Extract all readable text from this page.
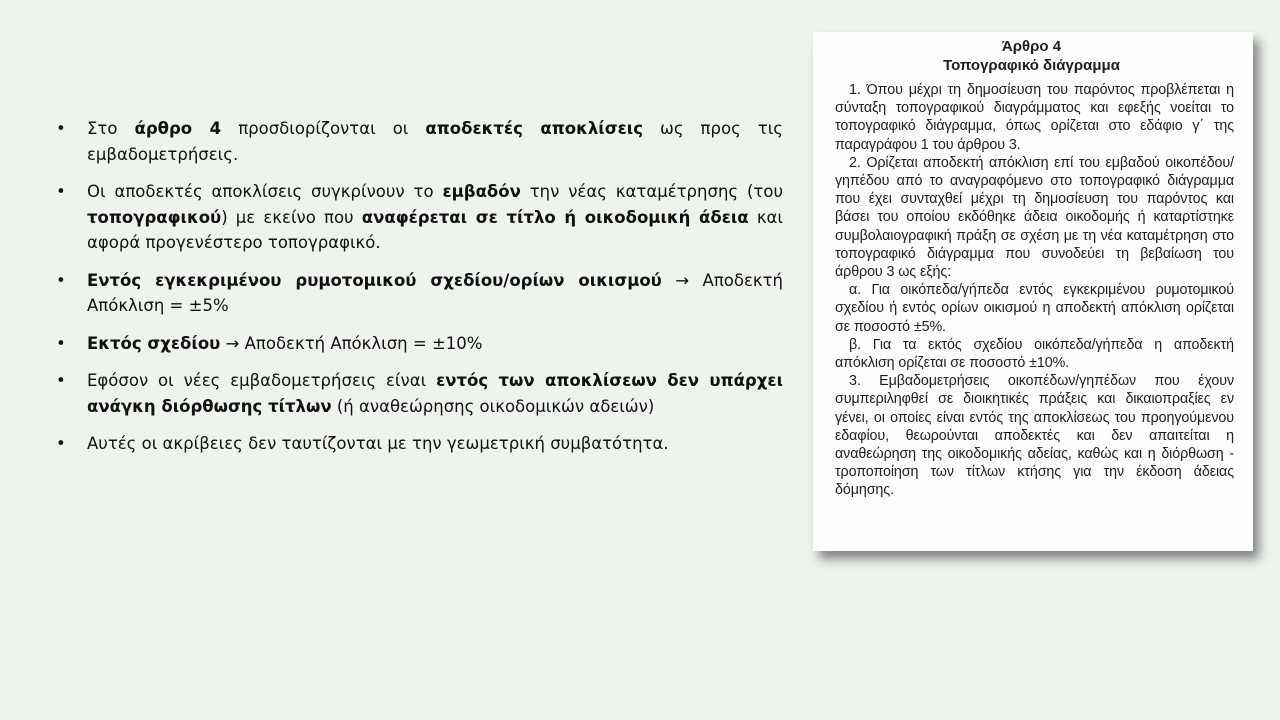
• Στο άρθρο 4 προσδιορίζονται οι αποδεκτές αποκλίσεις ως προς τις εμβαδομετρήσεις.
• Οι αποδεκτές αποκλίσεις συγκρίνουν το εμβαδόν την νέας καταμέτρησης (του τοπογραφικού) με εκείνο που αναφέρεται σε τίτλο ή οικοδομική άδεια και αφορά προγενέστερο τοπογραφικό.
• Εντός εγκεκριμένου ρυμοτομικού σχεδίου/ορίων οικισμού → Αποδεκτή Απόκλιση = ±5%
• Εκτός σχεδίου → Αποδεκτή Απόκλιση = ±10%
• Εφόσον οι νέες εμβαδομετρήσεις είναι εντός των αποκλίσεων δεν υπάρχει ανάγκη διόρθωσης τίτλων (ή αναθεώρησης οικοδομικών αδειών)
• Αυτές οι ακρίβειες δεν ταυτίζονται με την γεωμετρική συμβατότητα.
Άρθρο 4
Τοπογραφικό διάγραμμα

1. Όπου μέχρι τη δημοσίευση του παρόντος προβλέπεται η σύνταξη τοπογραφικού διαγράμματος και εφεξής νοείται το τοπογραφικό διάγραμμα, όπως ορίζεται στο εδάφιο γ΄ της παραγράφου 1 του άρθρου 3.

2. Ορίζεται αποδεκτή απόκλιση επί του εμβαδού οικοπέδου/γηπέδου από το αναγραφόμενο στο τοπογραφικό διάγραμμα που έχει συνταχθεί μέχρι τη δημοσίευση του παρόντος και βάσει του οποίου εκδόθηκε άδεια οικοδομής ή καταρτίστηκε συμβολαιογραφική πράξη σε σχέση με τη νέα καταμέτρηση στο τοπογραφικό διάγραμμα που συνοδεύει τη βεβαίωση του άρθρου 3 ως εξής:

α. Για οικόπεδα/γήπεδα εντός εγκεκριμένου ρυμοτομικού σχεδίου ή εντός ορίων οικισμού η αποδεκτή απόκλιση ορίζεται σε ποσοστό ±5%.

β. Για τα εκτός σχεδίου οικόπεδα/γήπεδα η αποδεκτή απόκλιση ορίζεται σε ποσοστό ±10%.

3. Εμβαδομετρήσεις οικοπέδων/γηπέδων που έχουν συμπεριληφθεί σε διοικητικές πράξεις και δικαιοπραξίες εν γένει, οι οποίες είναι εντός της αποκλίσεως του προηγούμενου εδαφίου, θεωρούνται αποδεκτές και δεν απαιτείται η αναθεώρηση της οικοδομικής αδείας, καθώς και η διόρθωση - τροποποίηση των τίτλων κτήσης για την έκδοση άδειας δόμησης.
